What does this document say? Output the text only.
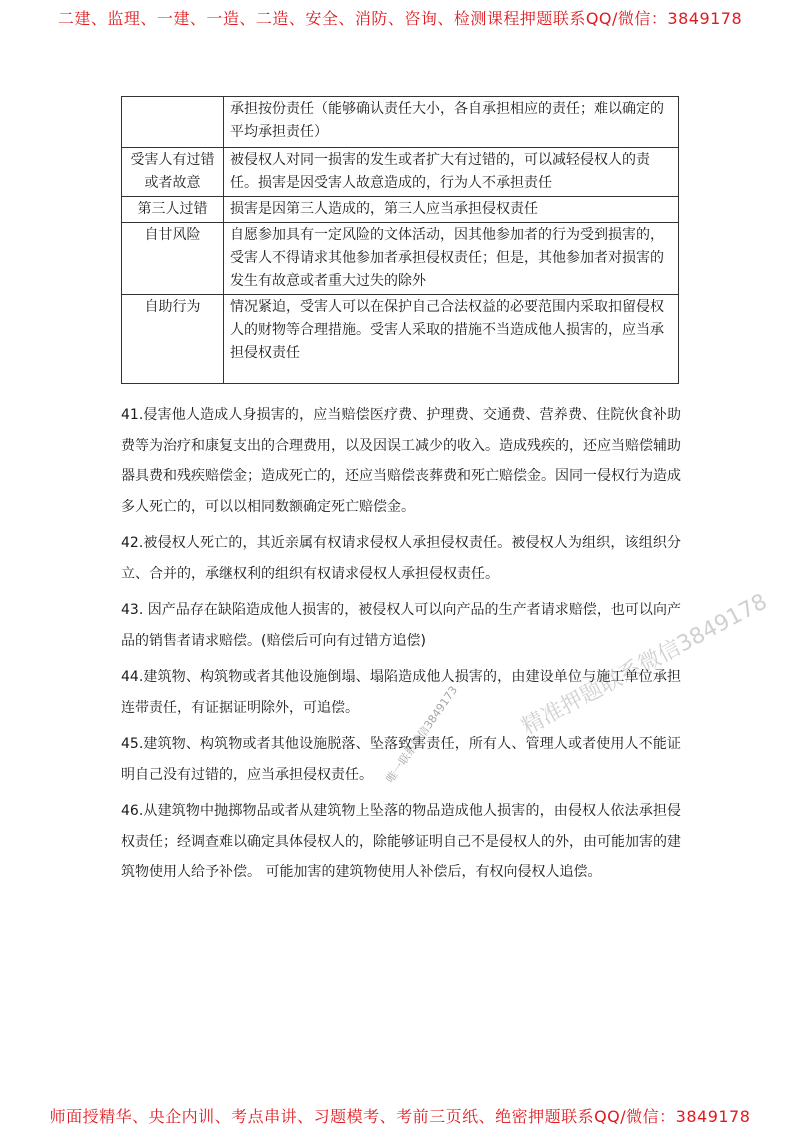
二建、监理、一建、一造、二造、安全、消防、咨询、检测课程押题联系QQ/微信：3849178
	承担按份责任（能够确认责任大小，各自承担相应的责任；难以确定的平均承担责任）
受害人有过错或者故意	被侵权人对同一损害的发生或者扩大有过错的，可以减轻侵权人的责任。损害是因受害人故意造成的，行为人不承担责任
第三人过错	损害是因第三人造成的，第三人应当承担侵权责任
自甘风险	自愿参加具有一定风险的文体活动，因其他参加者的行为受到损害的，受害人不得请求其他参加者承担侵权责任；但是，其他参加者对损害的发生有故意或者重大过失的除外
自助行为	情况紧迫，受害人可以在保护自己合法权益的必要范围内采取扣留侵权人的财物等合理措施。受害人采取的措施不当造成他人损害的，应当承担侵权责任

41.侵害他人造成人身损害的，应当赔偿医疗费、护理费、交通费、营养费、住院伙食补助费等为治疗和康复支出的合理费用，以及因误工减少的收入。造成残疾的，还应当赔偿辅助器具费和残疾赔偿金；造成死亡的，还应当赔偿丧葬费和死亡赔偿金。因同一侵权行为造成多人死亡的，可以以相同数额确定死亡赔偿金。

42.被侵权人死亡的，其近亲属有权请求侵权人承担侵权责任。被侵权人为组织，该组织分立、合并的，承继权利的组织有权请求侵权人承担侵权责任。

43. 因产品存在缺陷造成他人损害的，被侵权人可以向产品的生产者请求赔偿，也可以向产品的销售者请求赔偿。(赔偿后可向有过错方追偿)

44.建筑物、构筑物或者其他设施倒塌、塌陷造成他人损害的，由建设单位与施工单位承担连带责任，有证据证明除外，可追偿。

45.建筑物、构筑物或者其他设施脱落、坠落致害责任，所有人、管理人或者使用人不能证明自己没有过错的，应当承担侵权责任。

46.从建筑物中抛掷物品或者从建筑物上坠落的物品造成他人损害的，由侵权人依法承担侵权责任；经调查难以确定具体侵权人的，除能够证明自己不是侵权人的外，由可能加害的建筑物使用人给予补偿。 可能加害的建筑物使用人补偿后，有权向侵权人追偿。

精准押题联系微信3849178
唯一联系微信3849173
师面授精华、央企内训、考点串讲、习题模考、考前三页纸、绝密押题联系QQ/微信：3849178
